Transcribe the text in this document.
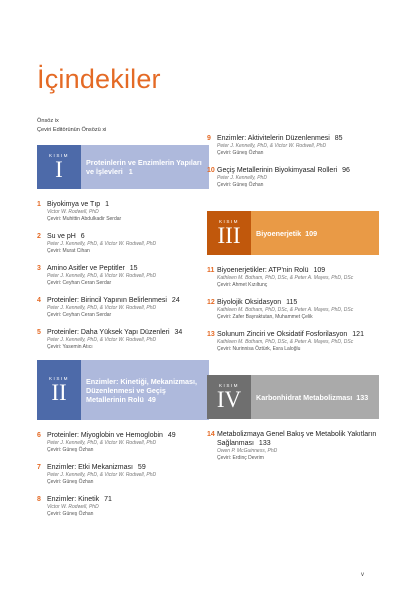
İçindekiler
Önsöz ix
Çeviri Editörünün Önsözü xi
KISIM
I	Proteinlerin ve Enzimlerin Yapıları ve İşlevleri 1
1 Biyokimya ve Tıp 1
Victor W. Rodwell, PhD
Çeviri: Muhittin Abdulkadir Serdar
2 Su ve pH 6
Peter J. Kennelly, PhD, & Victor W. Rodwell, PhD
Çeviri: Murat Cihan
3 Amino Asitler ve Peptitler 15
Peter J. Kennelly, PhD, & Victor W. Rodwell, PhD
Çeviri: Ceyhan Ceran Serdar
4 Proteinler: Birincil Yapının Belirlenmesi 24
Peter J. Kennelly, PhD, & Victor W. Rodwell, PhD
Çeviri: Ceyhan Ceran Serdar
5 Proteinler: Daha Yüksek Yapı Düzenleri 34
Peter J. Kennelly, PhD, & Victor W. Rodwell, PhD
Çeviri: Yasemin Atıcı
KISIM
II	Enzimler: Kinetiği, Mekanizması, Düzenlenmesi ve Geçiş Metallerinin Rolü 49
6 Proteinler: Miyoglobin ve Hemoglobin 49
Peter J. Kennelly, PhD, & Victor W. Rodwell, PhD
Çeviri: Güneş Özhan
7 Enzimler: Etki Mekanizması 59
Peter J. Kennelly, PhD, & Victor W. Rodwell, PhD
Çeviri: Güneş Özhan
8 Enzimler: Kinetik 71
Victor W. Rodwell, PhD
Çeviri: Güneş Özhan
9 Enzimler: Aktivitelerin Düzenlenmesi 85
Peter J. Kennelly, PhD, & Victor W. Rodwell, PhD
Çeviri: Güneş Özhan
10 Geçiş Metallerinin Biyokimyasal Rolleri 96
Peter J. Kennelly, PhD
Çeviri: Güneş Özhan
KISIM
III Biyoenerjetik 109
11 Biyoenerjetikler: ATP'nin Rolü 109
Kathleen M. Botham, PhD, DSc, & Peter A. Mayes, PhD, DSc
Çeviri: Ahmet Kızıltunç
12 Biyolojik Oksidasyon 115
Kathleen M. Botham, PhD, DSc, & Peter A. Mayes, PhD, DSc
Çeviri: Zafer Bayraktutan, Muhammet Çelik
13 Solunum Zinciri ve Oksidatif Fosforilasyon 121
Kathleen M. Botham, PhD, DSc, & Peter A. Mayes, PhD, DSc
Çeviri: Nurinnisa Öztürk, Esra Laloğlu
KISIM
IV Karbonhidrat Metabolizması 133
14 Metabolizmaya Genel Bakış ve Metabolik Yakıtların Sağlanması 133
Owen P. McGuinness, PhD
Çeviri: Erdinç Devrim
v
